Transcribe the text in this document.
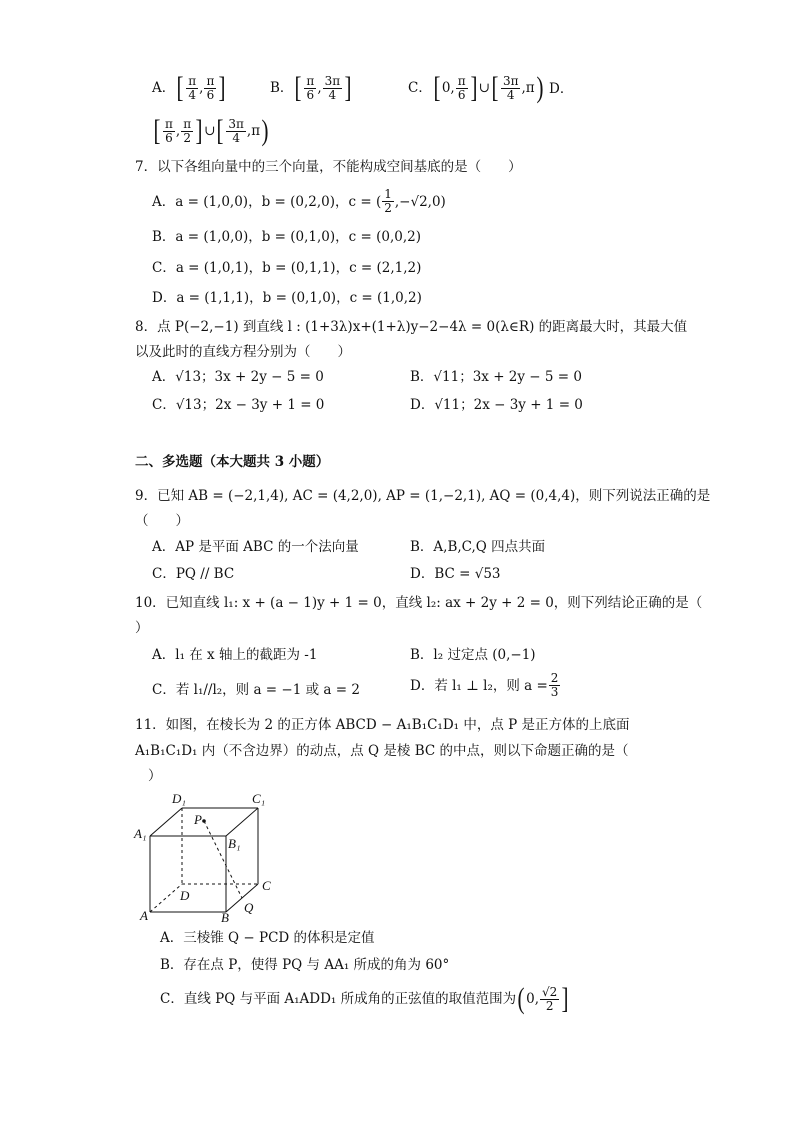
A． [ $\frac{\pi}{4}$ , $\frac{\pi}{6}$ ]	B． [ $\frac{\pi}{6}$ , $\frac{3\pi}{4}$ ]	C． [ 0, $\frac{\pi}{6}$ ] ∪ [ $\frac{3\pi}{4} ,\pi$ ) D．
[ $\frac{\pi}{6}$ , $\frac{\pi}{2}$ ] ∪ [ $\frac{3\pi}{4} ,\pi$ )
7．以下各组向量中的三个向量，不能构成空间基底的是（　　）
A．a = (1,0,0)，b = (0,2,0)，c = ( $\frac{1}{2} ,-√2,0$)
B．a = (1,0,0)，b = (0,1,0)，c = (0,0,2)
C．a = (1,0,1)，b = (0,1,1)，c = (2,1,2)
D．a = (1,1,1)，b = (0,1,0)，c = (1,0,2)
8．点 P(−2,−1) 到直线 l : (1+3λ)x+(1+λ)y−2−4λ = 0(λ∈R) 的距离最大时，其最大值
以及此时的直线方程分别为（　　）
A．√13；3x + 2y − 5 = 0	B．√11；3x + 2y − 5 = 0
C．√13；2x − 3y + 1 = 0	D．√11；2x − 3y + 1 = 0
二、多选题（本大题共 3 小题）
9．已知 AB = (−2,1,4), AC = (4,2,0), AP = (1,−2,1), AQ = (0,4,4)，则下列说法正确的是
（　　）
A．AP 是平面 ABC 的一个法向量	B．A,B,C,Q 四点共面
C．PQ // BC	D．BC = √53
10．已知直线 l₁: x + (a − 1)y + 1 = 0，直线 l₂: ax + 2y + 2 = 0，则下列结论正确的是（
）
A．l₁ 在 x 轴上的截距为 -1	B．l₂ 过定点 (0,−1)
C．若 l₁//l₂，则 a = −1 或 a = 2	D．若 l₁ ⊥ l₂，则 $a = \frac{2}{3}$
11．如图，在棱长为 2 的正方体 ABCD − A₁B₁C₁D₁ 中，点 P 是正方体的上底面
A₁B₁C₁D₁ 内（不含边界）的动点，点 Q 是棱 BC 的中点，则以下命题正确的是（
）
D₁	C₁
A₁
B₁
P
D
C
A	B
Q
A．三棱锥 Q − PCD 的体积是定值
B．存在点 P，使得 PQ 与 AA₁ 所成的角为 60°
C．直线 PQ 与平面 A₁ADD₁ 所成角的正弦值的取值范围为 ( 0, $\frac{√2}{2}$ ]
